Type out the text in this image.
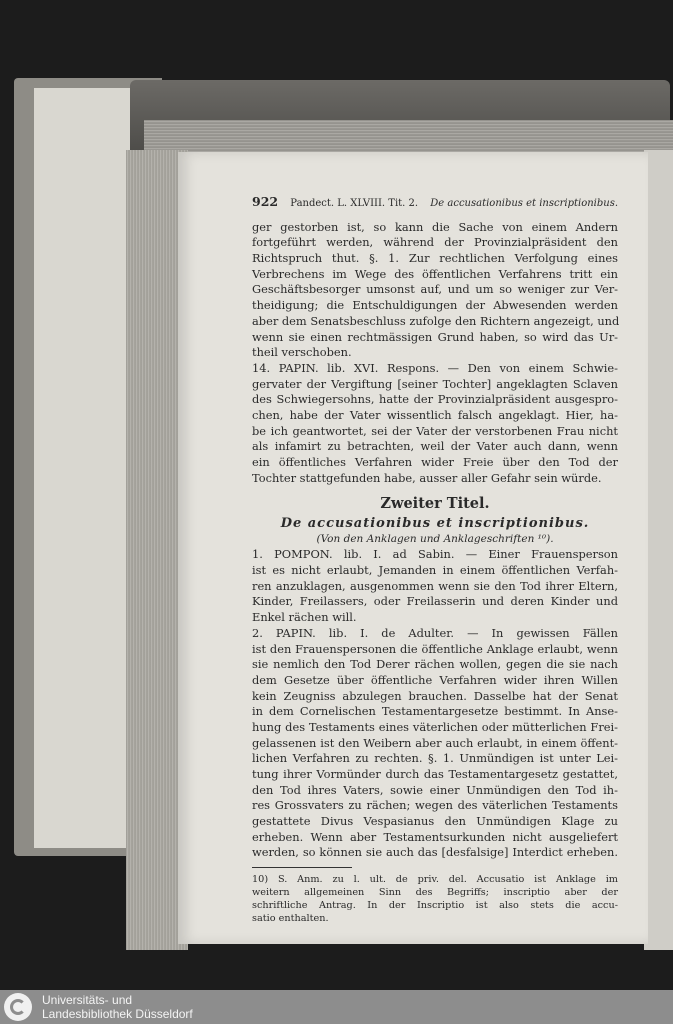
922 Pandect. L. XLVIII. Tit. 2. De accusationibus et inscriptionibus.
ger gestorben ist, so kann die Sache von einem Andern
fortgeführt werden, während der Provinzialpräsident den
Richtspruch thut. §. 1. Zur rechtlichen Verfolgung eines
Verbrechens im Wege des öffentlichen Verfahrens tritt ein
Geschäftsbesorger umsonst auf, und um so weniger zur Ver-
theidigung; die Entschuldigungen der Abwesenden werden
aber dem Senatsbeschluss zufolge den Richtern angezeigt, und
wenn sie einen rechtmässigen Grund haben, so wird das Ur-
theil verschoben.
14. PAPIN. lib. XVI. Respons. — Den von einem Schwie-
gervater der Vergiftung [seiner Tochter] angeklagten Sclaven
des Schwiegersohns, hatte der Provinzialpräsident ausgespro-
chen, habe der Vater wissentlich falsch angeklagt. Hier, ha-
be ich geantwortet, sei der Vater der verstorbenen Frau nicht
als infamirt zu betrachten, weil der Vater auch dann, wenn
ein öffentliches Verfahren wider Freie über den Tod der
Tochter stattgefunden habe, ausser aller Gefahr sein würde.
Zweiter Titel.
De accusationibus et inscriptionibus.
(Von den Anklagen und Anklageschriften ¹⁰).
1. POMPON. lib. I. ad Sabin. — Einer Frauensperson
ist es nicht erlaubt, Jemanden in einem öffentlichen Verfah-
ren anzuklagen, ausgenommen wenn sie den Tod ihrer Eltern,
Kinder, Freilassers, oder Freilasserin und deren Kinder und
Enkel rächen will.
2. PAPIN. lib. I. de Adulter. — In gewissen Fällen
ist den Frauenspersonen die öffentliche Anklage erlaubt, wenn
sie nemlich den Tod Derer rächen wollen, gegen die sie nach
dem Gesetze über öffentliche Verfahren wider ihren Willen
kein Zeugniss abzulegen brauchen. Dasselbe hat der Senat
in dem Cornelischen Testamentargesetze bestimmt. In Anse-
hung des Testaments eines väterlichen oder mütterlichen Frei-
gelassenen ist den Weibern aber auch erlaubt, in einem öffent-
lichen Verfahren zu rechten. §. 1. Unmündigen ist unter Lei-
tung ihrer Vormünder durch das Testamentargesetz gestattet,
den Tod ihres Vaters, sowie einer Unmündigen den Tod ih-
res Grossvaters zu rächen; wegen des väterlichen Testaments
gestattete Divus Vespasianus den Unmündigen Klage zu
erheben. Wenn aber Testamentsurkunden nicht ausgeliefert
werden, so können sie auch das [desfalsige] Interdict erheben.
10) S. Anm. zu l. ult. de priv. del. Accusatio ist Anklage im
weitern allgemeinen Sinn des Begriffs; inscriptio aber der
schriftliche Antrag. In der Inscriptio ist also stets die accu-
satio enthalten.
Universitäts- und
Landesbibliothek Düsseldorf
